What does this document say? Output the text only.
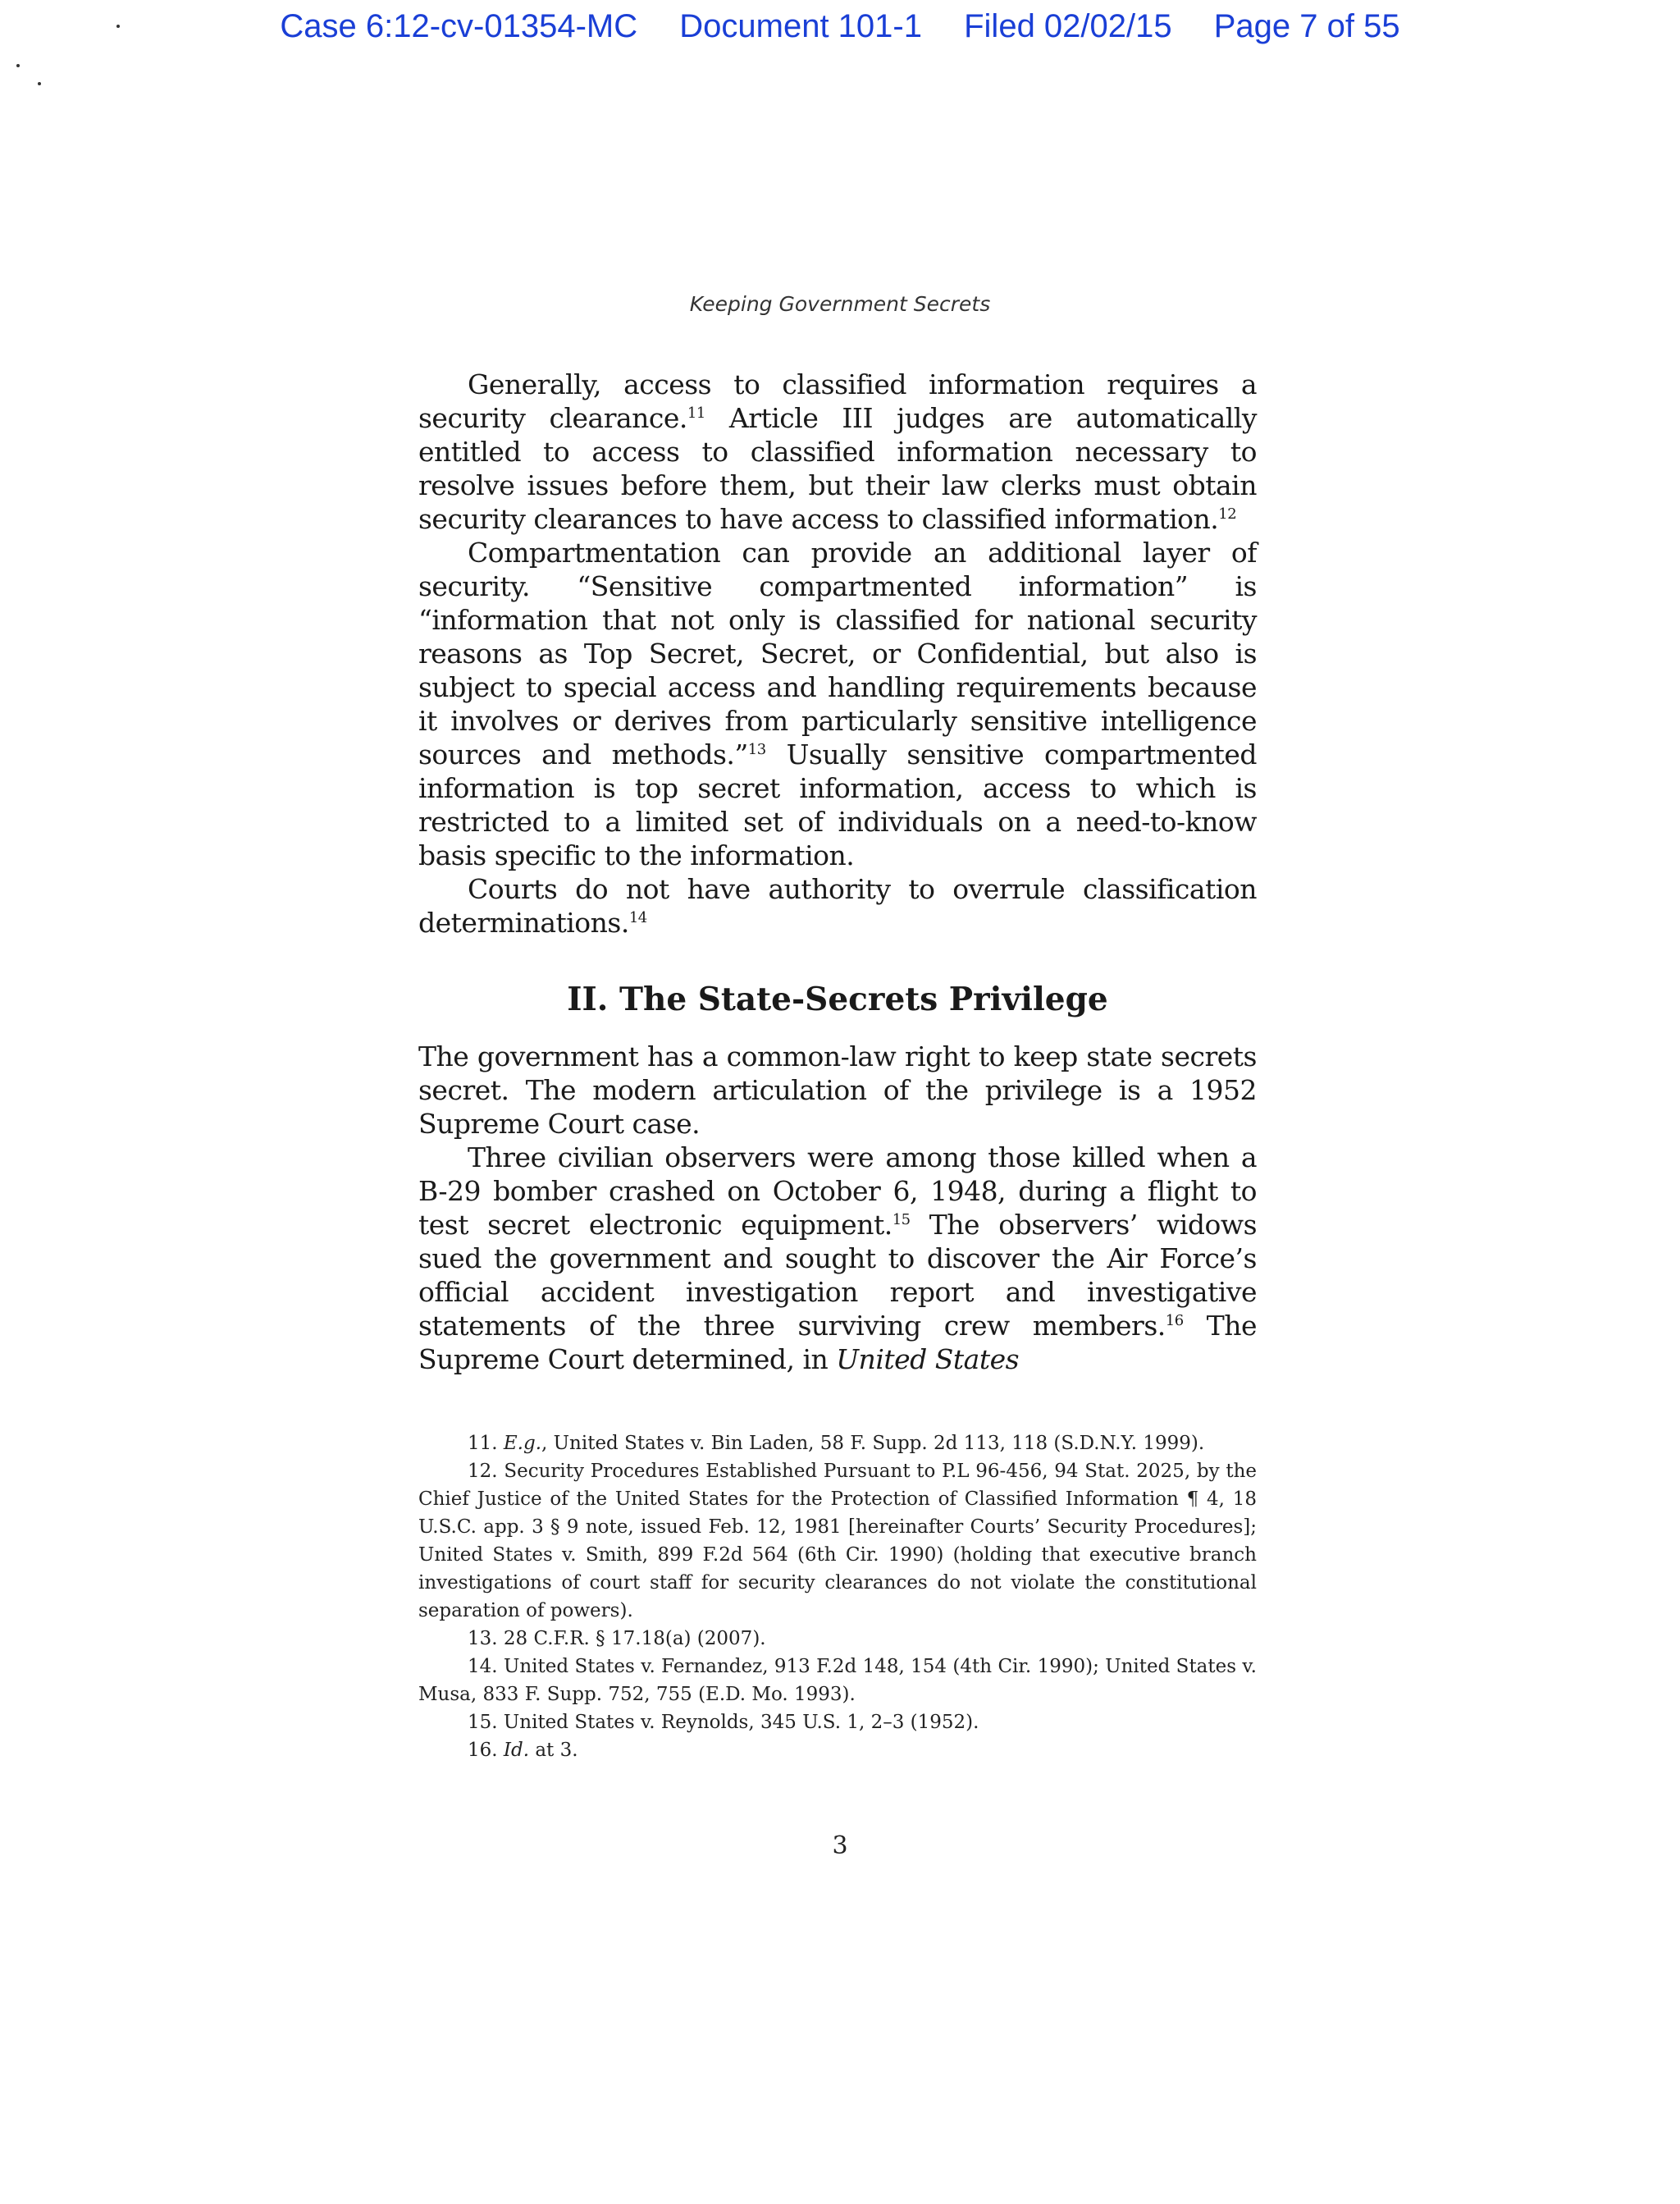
Case 6:12-cv-01354-MC Document 101-1 Filed 02/02/15 Page 7 of 55
Keeping Government Secrets

Generally, access to classified information requires a security clearance.$^{11}$ Article III judges are automatically entitled to access to classified information necessary to resolve issues before them, but their law clerks must obtain security clearances to have access to classified information.$^{12}$

Compartmentation can provide an additional layer of security. “Sensitive compartmented information” is “information that not only is classified for national security reasons as Top Secret, Secret, or Confidential, but also is subject to special access and handling requirements because it involves or derives from particularly sensitive intelligence sources and methods.”$^{13}$ Usually sensitive compartmented information is top secret information, access to which is restricted to a limited set of individuals on a need-to-know basis specific to the information.

Courts do not have authority to overrule classification determinations.$^{14}$

II. The State-Secrets Privilege

The government has a common-law right to keep state secrets secret. The modern articulation of the privilege is a 1952 Supreme Court case.

Three civilian observers were among those killed when a B-29 bomber crashed on October 6, 1948, during a flight to test secret electronic equipment.$^{15}$ The observers’ widows sued the government and sought to discover the Air Force’s official accident investigation report and investigative statements of the three surviving crew members.$^{16}$ The Supreme Court determined, in United States

11. E.g., United States v. Bin Laden, 58 F. Supp. 2d 113, 118 (S.D.N.Y. 1999).

12. Security Procedures Established Pursuant to P.L 96-456, 94 Stat. 2025, by the Chief Justice of the United States for the Protection of Classified Information ¶ 4, 18 U.S.C. app. 3 § 9 note, issued Feb. 12, 1981 [hereinafter Courts’ Security Procedures]; United States v. Smith, 899 F.2d 564 (6th Cir. 1990) (holding that executive branch investigations of court staff for security clearances do not violate the constitutional separation of powers).

13. 28 C.F.R. § 17.18(a) (2007).

14. United States v. Fernandez, 913 F.2d 148, 154 (4th Cir. 1990); United States v. Musa, 833 F. Supp. 752, 755 (E.D. Mo. 1993).

15. United States v. Reynolds, 345 U.S. 1, 2–3 (1952).

16. Id. at 3.

3
